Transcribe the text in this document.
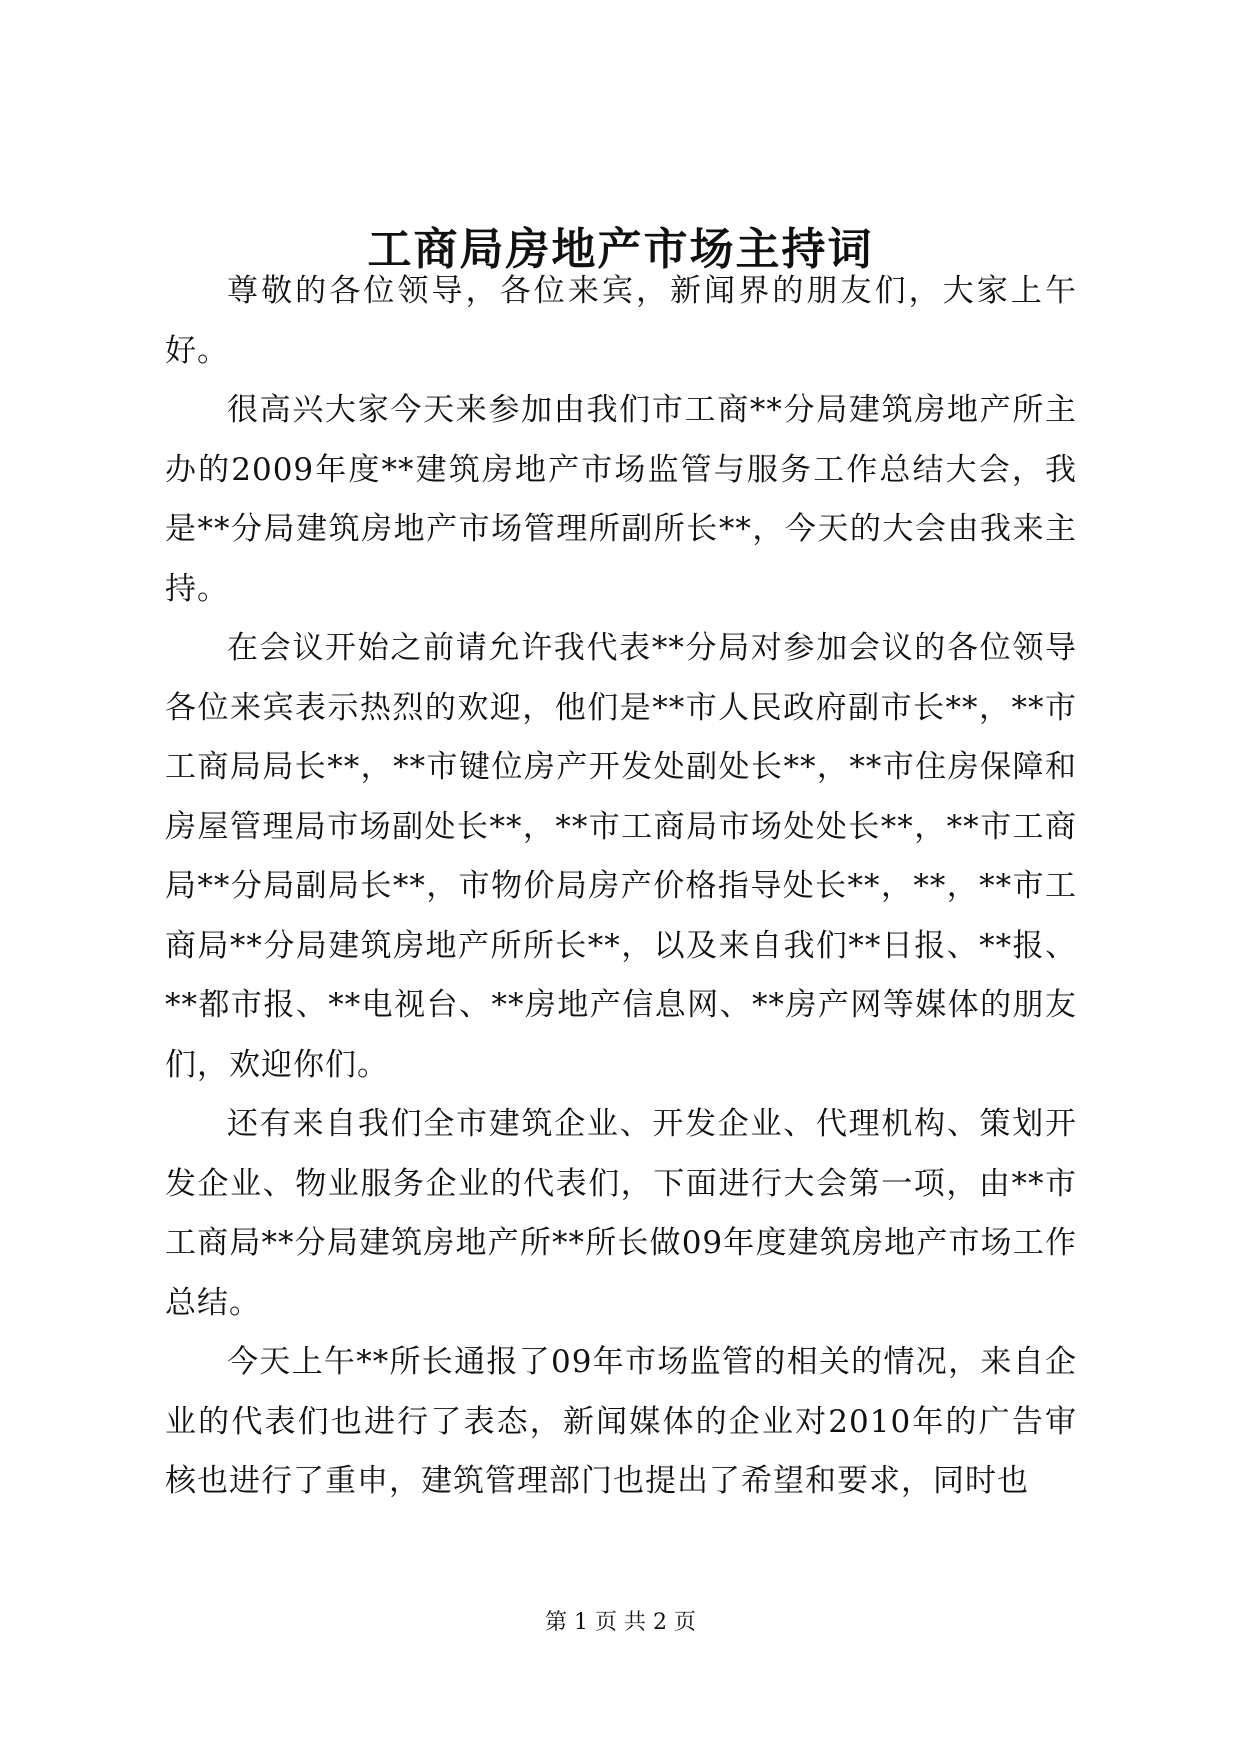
工商局房地产市场主持词

尊敬的各位领导，各位来宾，新闻界的朋友们，大家上午好。

很高兴大家今天来参加由我们市工商**分局建筑房地产所主办的2009年度**建筑房地产市场监管与服务工作总结大会，我是**分局建筑房地产市场管理所副所长**，今天的大会由我来主持。

在会议开始之前请允许我代表**分局对参加会议的各位领导各位来宾表示热烈的欢迎，他们是**市人民政府副市长**，**市工商局局长**，**市键位房产开发处副处长**，**市住房保障和房屋管理局市场副处长**，**市工商局市场处处长**，**市工商局**分局副局长**，市物价局房产价格指导处长**，**，**市工商局**分局建筑房地产所所长**，以及来自我们**日报、**报、**都市报、**电视台、**房地产信息网、**房产网等媒体的朋友们，欢迎你们。

还有来自我们全市建筑企业、开发企业、代理机构、策划开发企业、物业服务企业的代表们，下面进行大会第一项，由**市工商局**分局建筑房地产所**所长做09年度建筑房地产市场工作总结。

今天上午**所长通报了09年市场监管的相关的情况，来自企业的代表们也进行了表态，新闻媒体的企业对2010年的广告审核也进行了重申，建筑管理部门也提出了希望和要求，同时也

第 1 页 共 2 页
